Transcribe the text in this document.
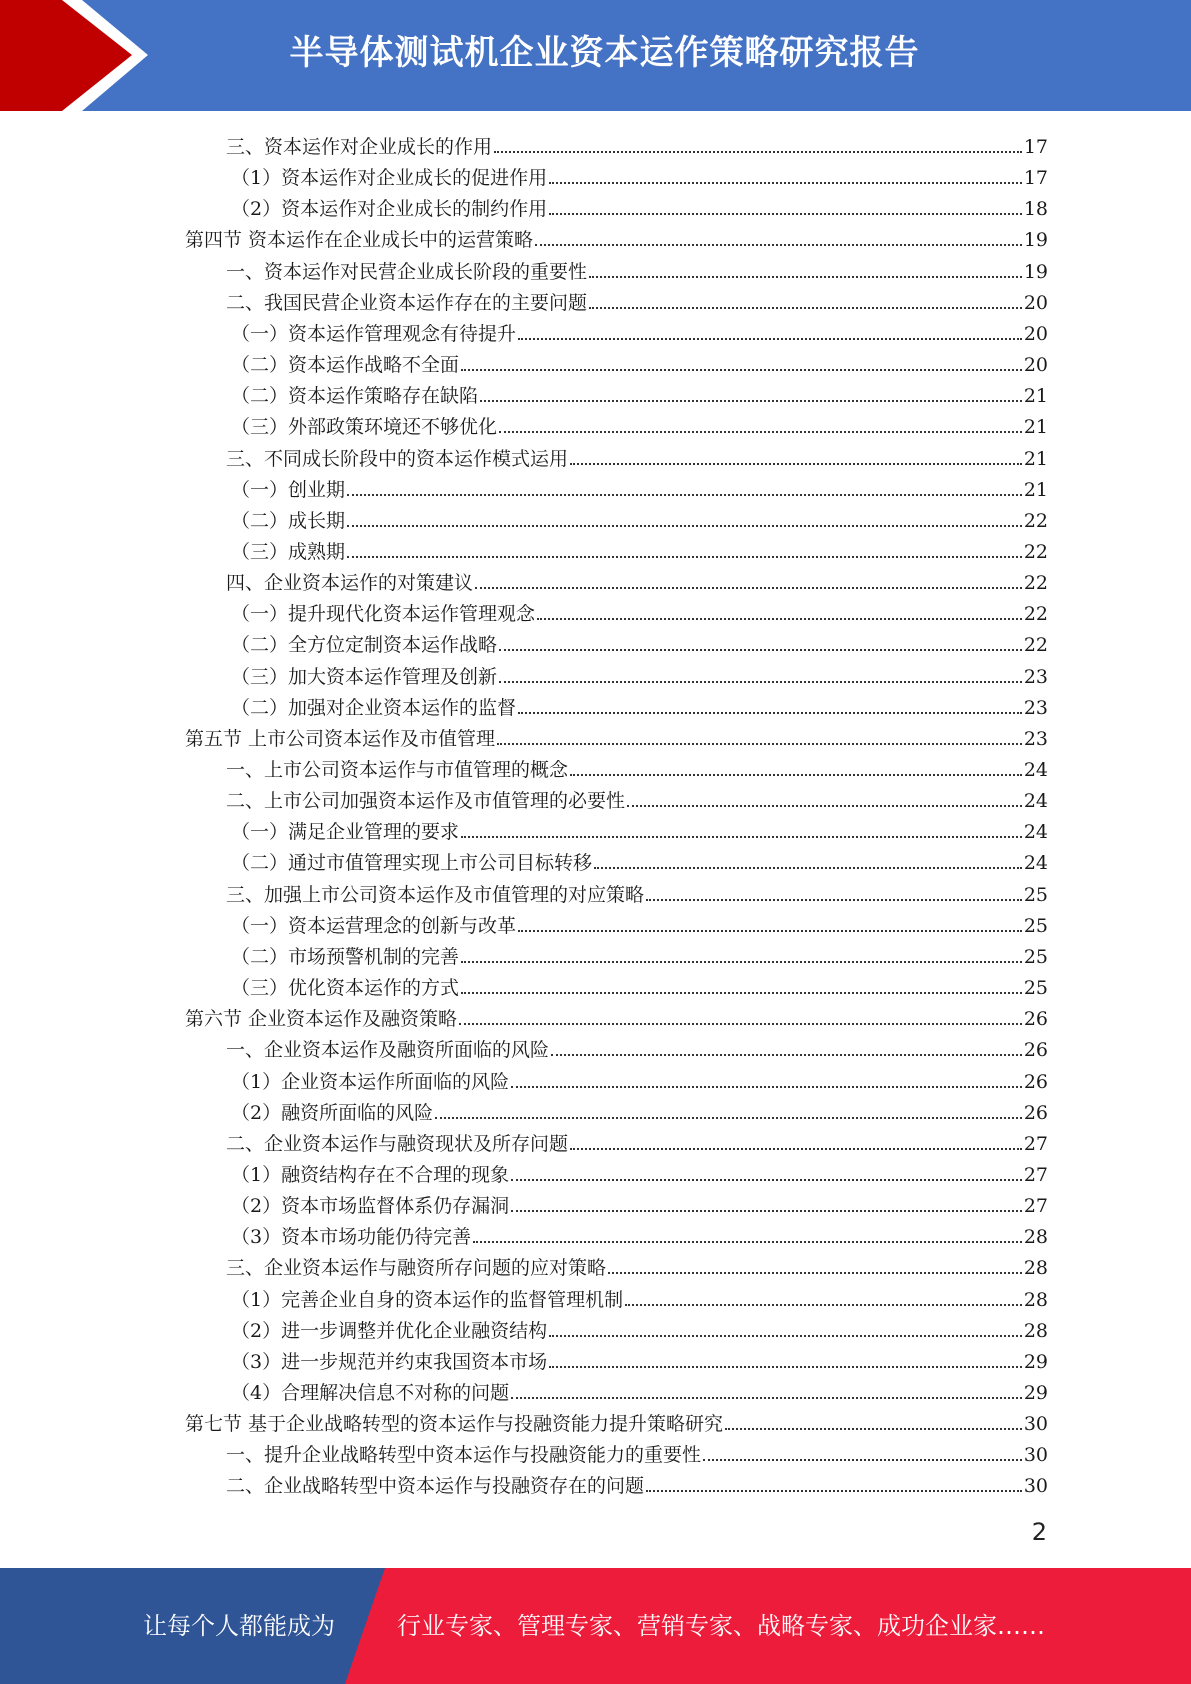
半导体测试机企业资本运作策略研究报告
三、资本运作对企业成长的作用	17
（1）资本运作对企业成长的促进作用	17
（2）资本运作对企业成长的制约作用	18
第四节 资本运作在企业成长中的运营策略	19
一、资本运作对民营企业成长阶段的重要性	19
二、我国民营企业资本运作存在的主要问题	20
（一）资本运作管理观念有待提升	20
（二）资本运作战略不全面	20
（二）资本运作策略存在缺陷	21
（三）外部政策环境还不够优化	21
三、不同成长阶段中的资本运作模式运用	21
（一）创业期	21
（二）成长期	22
（三）成熟期	22
四、企业资本运作的对策建议	22
（一）提升现代化资本运作管理观念	22
（二）全方位定制资本运作战略	22
（三）加大资本运作管理及创新	23
（二）加强对企业资本运作的监督	23
第五节 上市公司资本运作及市值管理	23
一、上市公司资本运作与市值管理的概念	24
二、上市公司加强资本运作及市值管理的必要性	24
（一）满足企业管理的要求	24
（二）通过市值管理实现上市公司目标转移	24
三、加强上市公司资本运作及市值管理的对应策略	25
（一）资本运营理念的创新与改革	25
（二）市场预警机制的完善	25
（三）优化资本运作的方式	25
第六节 企业资本运作及融资策略	26
一、企业资本运作及融资所面临的风险	26
（1）企业资本运作所面临的风险	26
（2）融资所面临的风险	26
二、企业资本运作与融资现状及所存问题	27
（1）融资结构存在不合理的现象	27
（2）资本市场监督体系仍存漏洞	27
（3）资本市场功能仍待完善	28
三、企业资本运作与融资所存问题的应对策略	28
（1）完善企业自身的资本运作的监督管理机制	28
（2）进一步调整并优化企业融资结构	28
（3）进一步规范并约束我国资本市场	29
（4）合理解决信息不对称的问题	29
第七节 基于企业战略转型的资本运作与投融资能力提升策略研究	30
一、提升企业战略转型中资本运作与投融资能力的重要性	30
二、企业战略转型中资本运作与投融资存在的问题	30
2
让每个人都能成为	行业专家、管理专家、营销专家、战略专家、成功企业家……
